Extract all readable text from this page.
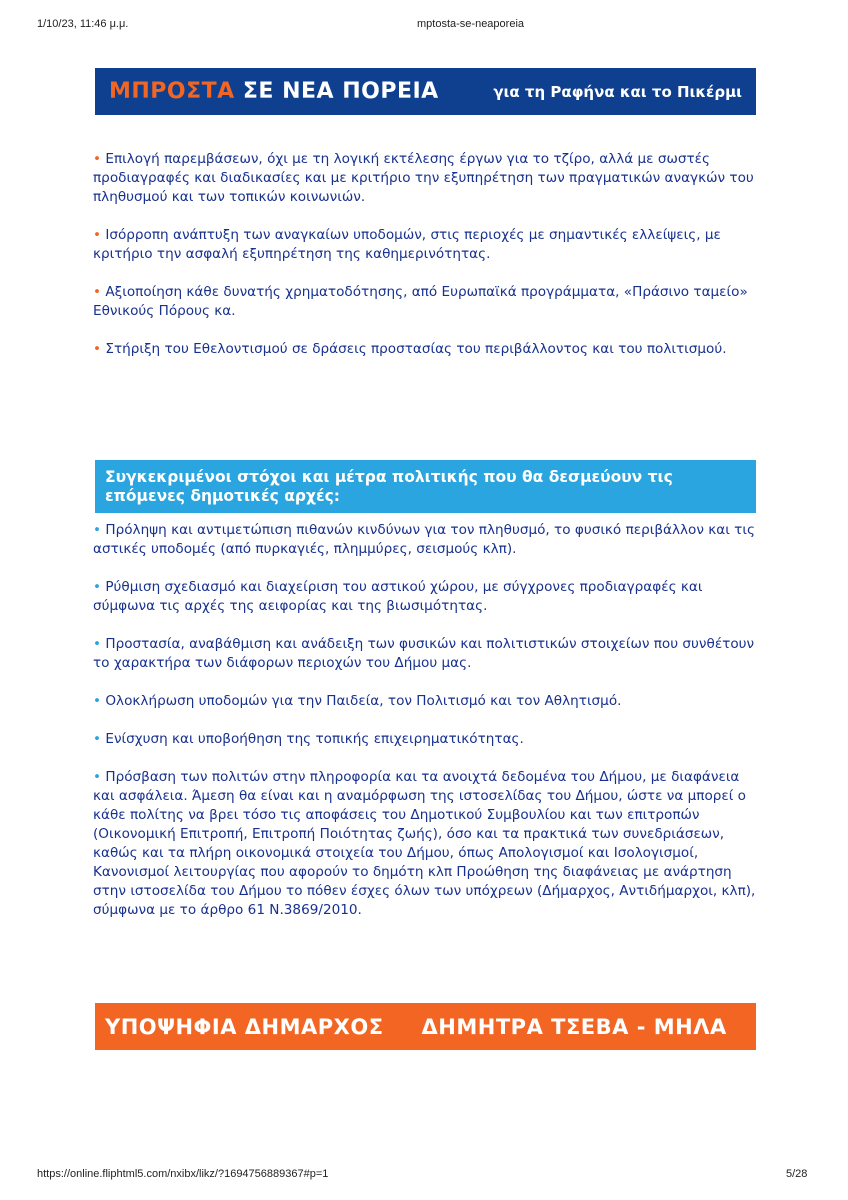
1/10/23, 11:46 μ.μ.	mptosta-se-neaporeia
ΜΠΡΟΣΤΑ ΣΕ ΝΕΑ ΠΟΡΕΙΑ	για τη Ραφήνα και το Πικέρμι

• Επιλογή παρεμβάσεων, όχι με τη λογική εκτέλεσης έργων για το τζίρο, αλλά με σωστές προδιαγραφές και διαδικασίες και με κριτήριο την εξυπηρέτηση των πραγματικών αναγκών του πληθυσμού και των τοπικών κοινωνιών.

• Ισόρροπη ανάπτυξη των αναγκαίων υποδομών, στις περιοχές με σημαντικές ελλείψεις, με κριτήριο την ασφαλή εξυπηρέτηση της καθημερινότητας.

• Αξιοποίηση κάθε δυνατής χρηματοδότησης, από Ευρωπαϊκά προγράμματα, «Πράσινο ταμείο» Εθνικούς Πόρους κα.

• Στήριξη του Εθελοντισμού σε δράσεις προστασίας του περιβάλλοντος και του πολιτισμού.

Συγκεκριμένοι στόχοι και μέτρα πολιτικής που θα δεσμεύουν τις επόμενες δημοτικές αρχές:

• Πρόληψη και αντιμετώπιση πιθανών κινδύνων για τον πληθυσμό, το φυσικό περιβάλλον και τις αστικές υποδομές (από πυρκαγιές, πλημμύρες, σεισμούς κλπ).

• Ρύθμιση σχεδιασμό και διαχείριση του αστικού χώρου, με σύγχρονες προδιαγραφές και σύμφωνα τις αρχές της αειφορίας και της βιωσιμότητας.

• Προστασία, αναβάθμιση και ανάδειξη των φυσικών και πολιτιστικών στοιχείων που συνθέτουν το χαρακτήρα των διάφορων περιοχών του Δήμου μας.

• Ολοκλήρωση υποδομών για την Παιδεία, τον Πολιτισμό και τον Αθλητισμό.

• Ενίσχυση και υποβοήθηση της τοπικής επιχειρηματικότητας.

• Πρόσβαση των πολιτών στην πληροφορία και τα ανοιχτά δεδομένα του Δήμου, με διαφάνεια και ασφάλεια. Άμεση θα είναι και η αναμόρφωση της ιστοσελίδας του Δήμου, ώστε να μπορεί ο κάθε πολίτης να βρει τόσο τις αποφάσεις του Δημοτικού Συμβουλίου και των επιτροπών (Οικονομική Επιτροπή, Επιτροπή Ποιότητας ζωής), όσο και τα πρακτικά των συνεδριάσεων, καθώς και τα πλήρη οικονομικά στοιχεία του Δήμου, όπως Απολογισμοί και Ισολογισμοί, Κανονισμοί λειτουργίας που αφορούν το δημότη κλπ Προώθηση της διαφάνειας με ανάρτηση στην ιστοσελίδα του Δήμου το πόθεν έσχες όλων των υπόχρεων (Δήμαρχος, Αντιδήμαρχοι, κλπ), σύμφωνα με το άρθρο 61 Ν.3869/2010.

ΥΠΟΨΗΦΙΑ ΔΗΜΑΡΧΟΣ ΔΗΜΗΤΡΑ ΤΣΕΒΑ - ΜΗΛΑ
https://online.fliphtml5.com/nxibx/likz/?1694756889367#p=1	5/28
